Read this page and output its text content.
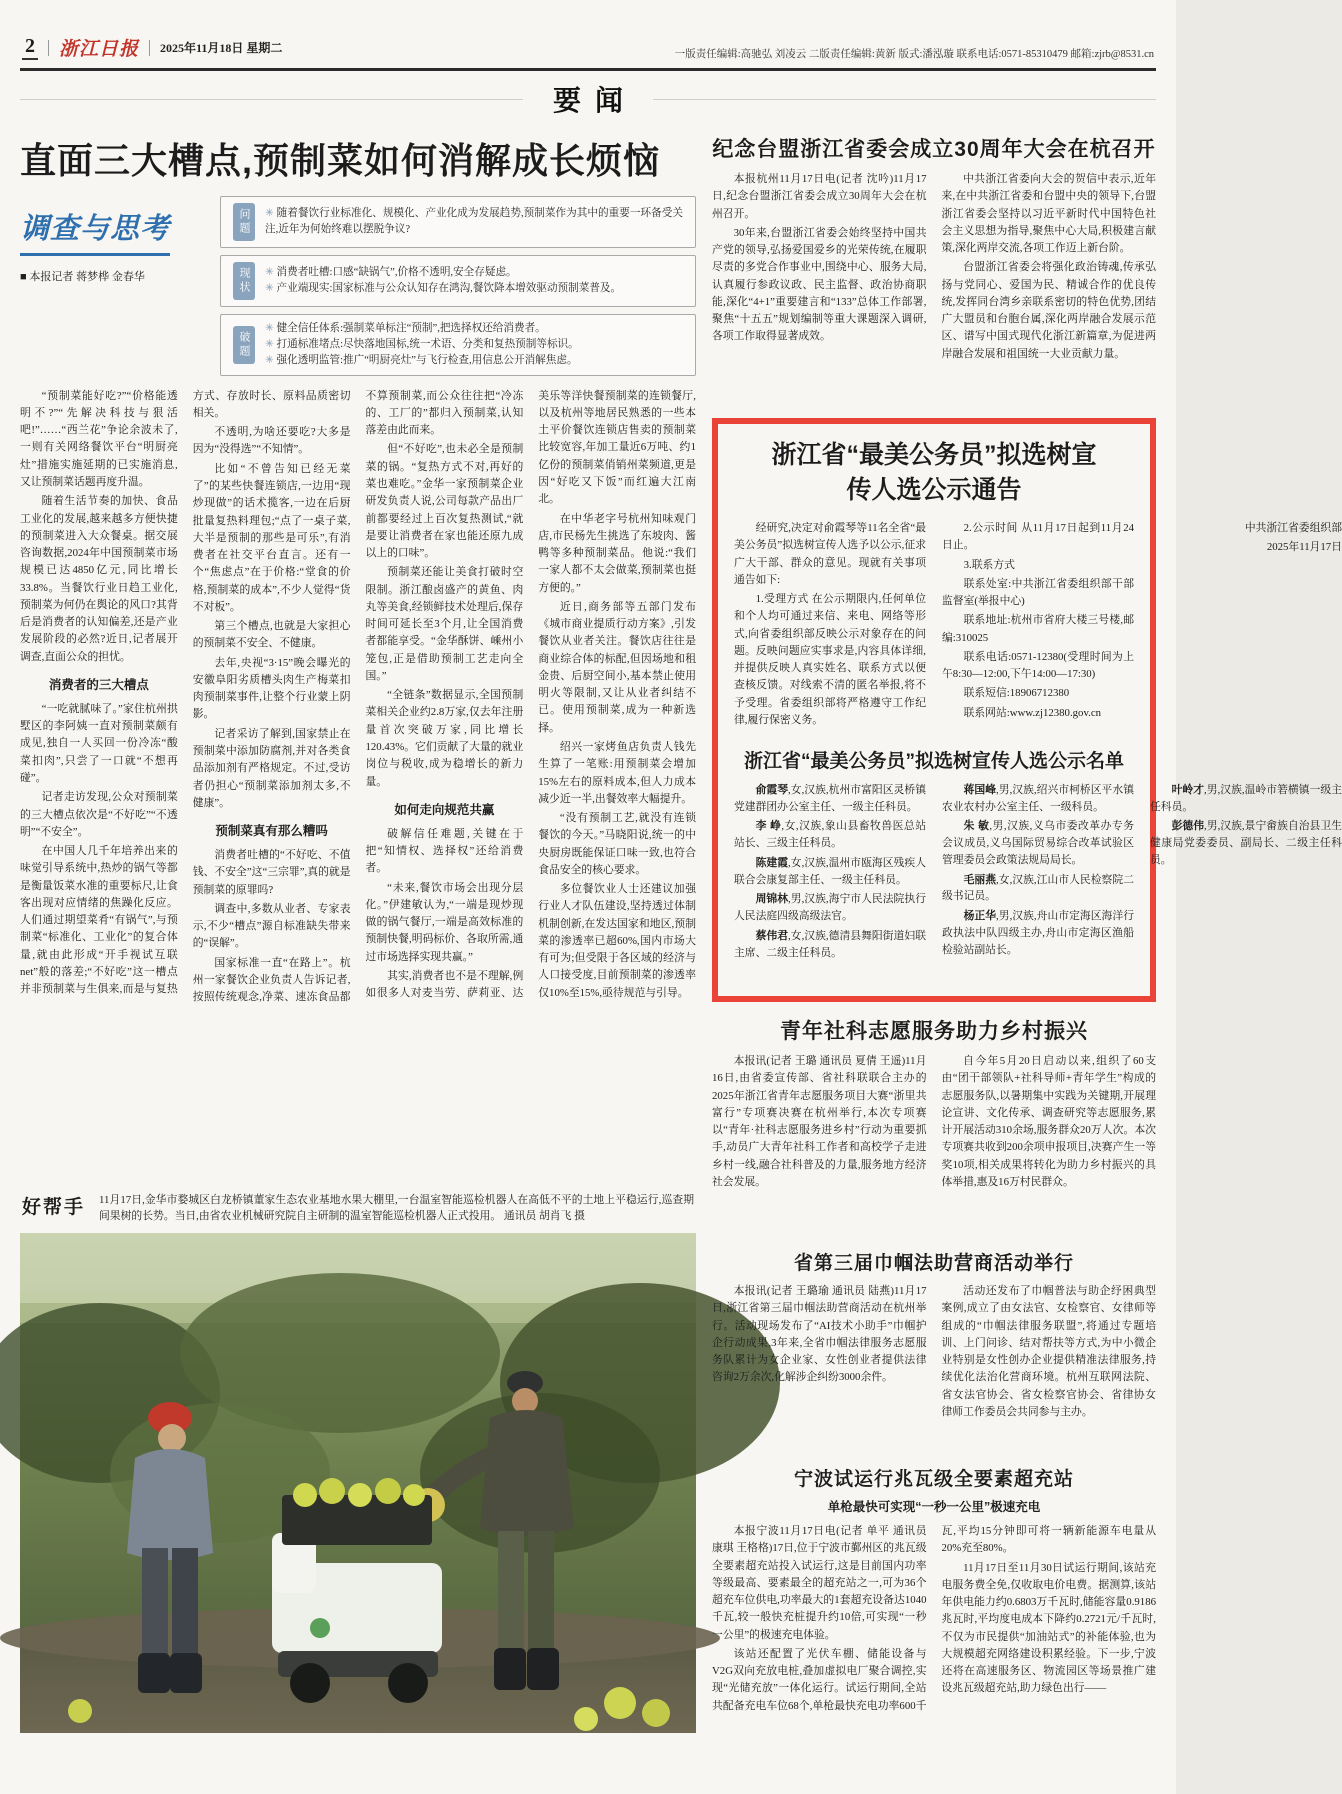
2 浙江日报 2025年11月18日 星期二	一版责任编辑:高驰弘 刘凌云 二版责任编辑:黄新 版式:潘泓璇 联系电话:0571-85310479 邮箱:zjrb@8531.cn
要闻
直面三大槽点,预制菜如何消解成长烦恼
调查与思考
■ 本报记者 蒋梦桦 金春华
问题	✳ 随着餐饮行业标准化、规模化、产业化成为发展趋势,预制菜作为其中的重要一环备受关注,近年为何始终难以摆脱争议?
现状	✳ 消费者吐槽:口感“缺锅气”,价格不透明,安全存疑虑。
✳ 产业端现实:国家标准与公众认知存在鸿沟,餐饮降本增效驱动预制菜普及。
破题
✳ 健全信任体系:强制菜单标注“预制”,把选择权还给消费者。
✳ 打通标准堵点:尽快落地国标,统一术语、分类和复热预制等标识。
✳ 强化透明监管:推广“明厨亮灶”与飞行检查,用信息公开消解焦虑。

“预制菜能好吃?”“价格能透明不?”“先解决科技与狠活吧!”……“西兰花”争论余波未了,一则有关网络餐饮平台“明厨亮灶”措施实施延期的已实施消息,又让预制菜话题再度升温。

随着生活节奏的加快、食品工业化的发展,越来越多方便快捷的预制菜进入大众餐桌。据交展咨询数据,2024年中国预制菜市场规模已达4850亿元,同比增长33.8%。当餐饮行业日趋工业化,预制菜为何仍在舆论的风口?其背后是消费者的认知偏差,还是产业发展阶段的必然?近日,记者展开调查,直面公众的担忧。

消费者的三大槽点

“一吃就腻味了。”家住杭州拱墅区的李阿姨一直对预制菜颇有成见,独自一人买回一份冷冻“酸菜扣肉”,只尝了一口就“不想再碰”。

记者走访发现,公众对预制菜的三大槽点依次是“不好吃”“不透明”“不安全”。

在中国人几千年培养出来的味觉引导系统中,热炒的锅气等都是衡量饭菜水准的重要标尺,让食客出现对应情绪的焦躁化反应。人们通过期望菜肴“有锅气”,与预制菜“标准化、工业化”的复合体量,就由此形成“开手视试互联net”般的落差;“不好吃”这一槽点并非预制菜与生俱来,而是与复热方式、存放时长、原料品质密切相关。

不透明,为啥还要吃?大多是因为“没得选”“不知情”。

比如“不曾告知已经无菜了”的某些快餐连锁店,一边用“现炒现做”的话术揽客,一边在后厨批量复热料理包;“点了一桌子菜,大半是预制的那些是可乐”,有消费者在社交平台直言。还有一个“焦虑点”在于价格:“堂食的价格,预制菜的成本”,不少人觉得“货不对板”。

第三个槽点,也就是大家担心的预制菜不安全、不健康。

去年,央视“3·15”晚会曝光的安徽阜阳劣质槽头肉生产梅菜扣肉预制菜事件,让整个行业蒙上阴影。

记者采访了解到,国家禁止在预制菜中添加防腐剂,并对各类食品添加剂有严格规定。不过,受访者仍担心“预制菜添加剂太多,不健康”。

预制菜真有那么糟吗

消费者吐槽的“不好吃、不值钱、不安全”这“三宗罪”,真的就是预制菜的原罪吗?

调查中,多数从业者、专家表示,不少“槽点”源自标准缺失带来的“误解”。

国家标准一直“在路上”。杭州一家餐饮企业负责人告诉记者,按照传统观念,净菜、速冻食品都不算预制菜,而公众往往把“冷冻的、工厂的”都归入预制菜,认知落差由此而来。

但“不好吃”,也未必全是预制菜的锅。“复热方式不对,再好的菜也难吃。”金华一家预制菜企业研发负责人说,公司每款产品出厂前都要经过上百次复热测试,“就是要让消费者在家也能还原九成以上的口味”。

预制菜还能让美食打破时空限制。浙江酿卤盛产的黄鱼、肉丸等美食,经锁鲜技术处理后,保存时间可延长至3个月,让全国消费者都能享受。“金华酥饼、嵊州小笼包,正是借助预制工艺走向全国。”

“全链条”数据显示,全国预制菜相关企业约2.8万家,仅去年注册量首次突破万家,同比增长120.43%。它们贡献了大量的就业岗位与税收,成为稳增长的新力量。

如何走向规范共赢

破解信任难题,关键在于把“知情权、选择权”还给消费者。

“未来,餐饮市场会出现分层化。”伊建敏认为,“一端是现炒现做的锅气餐厅,一端是高效标准的预制快餐,明码标价、各取所需,通过市场选择实现共赢。”

其实,消费者也不是不理解,例如很多人对麦当劳、萨莉亚、达美乐等洋快餐预制菜的连锁餐厅,以及杭州等地居民熟悉的一些本土平价餐饮连锁店售卖的预制菜比较宽容,年加工量近6万吨、约1亿份的预制菜俏销州菜频道,更是因“好吃又下饭”而红遍大江南北。

在中华老字号杭州知味观门店,市民杨先生挑选了东坡肉、酱鸭等多种预制菜品。他说:“我们一家人都不太会做菜,预制菜也挺方便的。”

近日,商务部等五部门发布《城市商业提质行动方案》,引发餐饮从业者关注。餐饮店往往是商业综合体的标配,但因场地和租金贵、后厨空间小,基本禁止使用明火等限制,又让从业者纠结不已。使用预制菜,成为一种新选择。

绍兴一家烤鱼店负责人钱先生算了一笔账:用预制菜会增加15%左右的原料成本,但人力成本减少近一半,出餐效率大幅提升。

“没有预制工艺,就没有连锁餐饮的今天。”马晓阳说,统一的中央厨房既能保证口味一致,也符合食品安全的核心要求。

多位餐饮业人士还建议加强行业人才队伍建设,坚持透过体制机制创新,在发达国家和地区,预制菜的渗透率已超60%,国内市场大有可为;但受限于各区域的经济与人口接受度,目前预制菜的渗透率仅10%至15%,亟待规范与引导。

好帮手 11月17日,金华市婺城区白龙桥镇董家生态农业基地水果大棚里,一台温室智能巡检机器人在高低不平的土地上平稳运行,巡查期间果树的长势。当日,由省农业机械研究院自主研制的温室智能巡检机器人正式投用。 通讯员 胡肖飞 摄
纪念台盟浙江省委会成立30周年大会在杭召开

本报杭州11月17日电(记者 沈吟)11月17日,纪念台盟浙江省委会成立30周年大会在杭州召开。

30年来,台盟浙江省委会始终坚持中国共产党的领导,弘扬爱国爱乡的光荣传统,在履职尽责的多党合作事业中,围绕中心、服务大局,认真履行参政议政、民主监督、政治协商职能,深化“4+1”重要建言和“133”总体工作部署,聚焦“十五五”规划编制等重大课题深入调研,各项工作取得显著成效。

中共浙江省委向大会的贺信中表示,近年来,在中共浙江省委和台盟中央的领导下,台盟浙江省委会坚持以习近平新时代中国特色社会主义思想为指导,聚焦中心大局,积极建言献策,深化两岸交流,各项工作迈上新台阶。

台盟浙江省委会将强化政治铸魂,传承弘扬与党同心、爱国为民、精诚合作的优良传统,发挥同台湾乡亲联系密切的特色优势,团结广大盟员和台胞台属,深化两岸融合发展示范区、谱写中国式现代化浙江新篇章,为促进两岸融合发展和祖国统一大业贡献力量。

浙江省“最美公务员”拟选树宣传人选公示通告

经研究,决定对俞霞琴等11名全省“最美公务员”拟选树宣传人选予以公示,征求广大干部、群众的意见。现就有关事项通告如下:

1.受理方式 在公示期限内,任何单位和个人均可通过来信、来电、网络等形式,向省委组织部反映公示对象存在的问题。反映问题应实事求是,内容具体详细,并提供反映人真实姓名、联系方式以便查核反馈。对线索不清的匿名举报,将不予受理。省委组织部将严格遵守工作纪律,履行保密义务。

2.公示时间 从11月17日起到11月24日止。

3.联系方式

联系处室:中共浙江省委组织部干部监督室(举报中心)

联系地址:杭州市省府大楼三号楼,邮编:310025

联系电话:0571-12380(受理时间为上午8:30—12:00,下午14:00—17:30)

联系短信:18906712380

联系网站:www.zj12380.gov.cn

中共浙江省委组织部

2025年11月17日

浙江省“最美公务员”拟选树宣传人选公示名单

俞霞琴,女,汉族,杭州市富阳区灵桥镇党建群团办公室主任、一级主任科员。

李 峥,女,汉族,象山县畜牧兽医总站站长、三级主任科员。

陈建霞,女,汉族,温州市瓯海区残疾人联合会康复部主任、一级主任科员。

周锦林,男,汉族,海宁市人民法院执行人民法庭四级高级法官。

蔡伟君,女,汉族,德清县舞阳街道妇联主席、二级主任科员。

蒋国峰,男,汉族,绍兴市柯桥区平水镇农业农村办公室主任、一级科员。

朱 敏,男,汉族,义乌市委改革办专务会议成员,义乌国际贸易综合改革试验区管理委员会政策法规局局长。

毛丽燕,女,汉族,江山市人民检察院二级书记员。

杨正华,男,汉族,舟山市定海区海洋行政执法中队四级主办,舟山市定海区渔船检验站副站长。

叶岭才,男,汉族,温岭市箬横镇一级主任科员。

彭德伟,男,汉族,景宁畲族自治县卫生健康局党委委员、副局长、二级主任科员。

青年社科志愿服务助力乡村振兴

本报讯(记者 王璐 通讯员 夏倩 王遥)11月16日,由省委宣传部、省社科联联合主办的2025年浙江省青年志愿服务项目大赛“浙里共富行”专项赛决赛在杭州举行,本次专项赛以“青年·社科志愿服务进乡村”行动为重要抓手,动员广大青年社科工作者和高校学子走进乡村一线,融合社科普及的力量,服务地方经济社会发展。

自今年5月20日启动以来,组织了60支由“团干部领队+社科导师+青年学生”构成的志愿服务队,以暑期集中实践为关键期,开展理论宣讲、文化传承、调查研究等志愿服务,累计开展活动310余场,服务群众20万人次。本次专项赛共收到200余项申报项目,决赛产生一等奖10项,相关成果将转化为助力乡村振兴的具体举措,惠及16万村民群众。

省第三届巾帼法助营商活动举行

本报讯(记者 王璐瑜 通讯员 陆燕)11月17日,浙江省第三届巾帼法助营商活动在杭州举行。活动现场发布了“AI技术小助手”巾帼护企行动成果,3年来,全省巾帼法律服务志愿服务队累计为女企业家、女性创业者提供法律咨询2万余次,化解涉企纠纷3000余件。

活动还发布了巾帼普法与助企纾困典型案例,成立了由女法官、女检察官、女律师等组成的“巾帼法律服务联盟”,将通过专题培训、上门问诊、结对帮扶等方式,为中小微企业特别是女性创办企业提供精准法律服务,持续优化法治化营商环境。杭州互联网法院、省女法官协会、省女检察官协会、省律协女律师工作委员会共同参与主办。

宁波试运行兆瓦级全要素超充站
单枪最快可实现“一秒一公里”极速充电

本报宁波11月17日电(记者 单平 通讯员 康琪 王格格)17日,位于宁波市鄞州区的兆瓦级全要素超充站投入试运行,这是目前国内功率等级最高、要素最全的超充站之一,可为36个超充车位供电,功率最大的1套超充设备达1040千瓦,较一般快充桩提升约10倍,可实现“一秒一公里”的极速充电体验。

该站还配置了光伏车棚、储能设备与V2G双向充放电桩,叠加虚拟电厂聚合调控,实现“光储充放”一体化运行。试运行期间,全站共配备充电车位68个,单枪最快充电功率600千瓦,平均15分钟即可将一辆新能源车电量从20%充至80%。

11月17日至11月30日试运行期间,该站充电服务费全免,仅收取电价电费。据测算,该站年供电能力约0.6803万千瓦时,储能容量0.9186兆瓦时,平均度电成本下降约0.2721元/千瓦时,不仅为市民提供“加油站式”的补能体验,也为大规模超充网络建设积累经验。下一步,宁波还将在高速服务区、物流园区等场景推广建设兆瓦级超充站,助力绿色出行——
